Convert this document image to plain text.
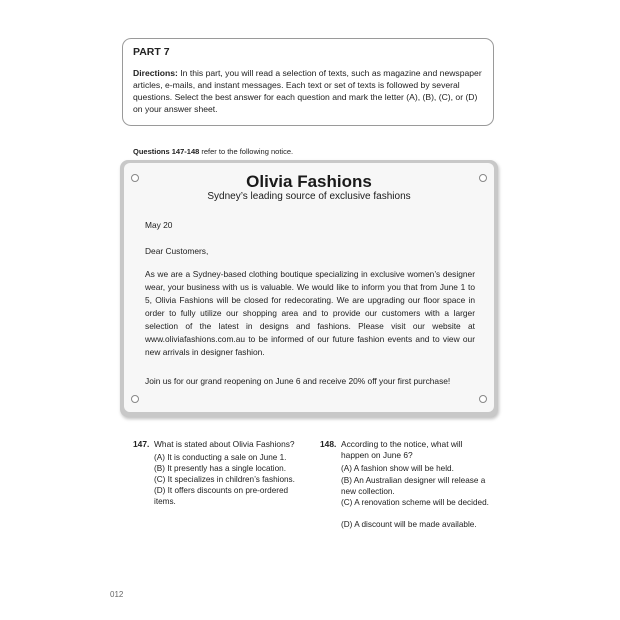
PART 7

Directions: In this part, you will read a selection of texts, such as magazine and newspaper articles, e-mails, and instant messages. Each text or set of texts is followed by several questions. Select the best answer for each question and mark the letter (A), (B), (C), or (D) on your answer sheet.

Questions 147-148 refer to the following notice.
Olivia Fashions
Sydney’s leading source of exclusive fashions

May 20

Dear Customers,

As we are a Sydney-based clothing boutique specializing in exclusive women’s designer wear, your business with us is valuable. We would like to inform you that from June 1 to 5, Olivia Fashions will be closed for redecorating. We are upgrading our floor space in order to fully utilize our shopping area and to provide our customers with a larger selection of the latest in designs and fashions. Please visit our website at www.oliviafashions.com.au to be informed of our future fashion events and to view our new arrivals in designer fashion.

Join us for our grand reopening on June 6 and receive 20% off your first purchase!

147. What is stated about Olivia Fashions?

(A) It is conducting a sale on June 1.

(B) It presently has a single location.

(C) It specializes in children’s fashions.

(D) It offers discounts on pre-ordered items.

148. According to the notice, what will happen on June 6?

(A) A fashion show will be held.

(B) An Australian designer will release a new collection.

(C) A renovation scheme will be decided.

(D) A discount will be made available.

012
